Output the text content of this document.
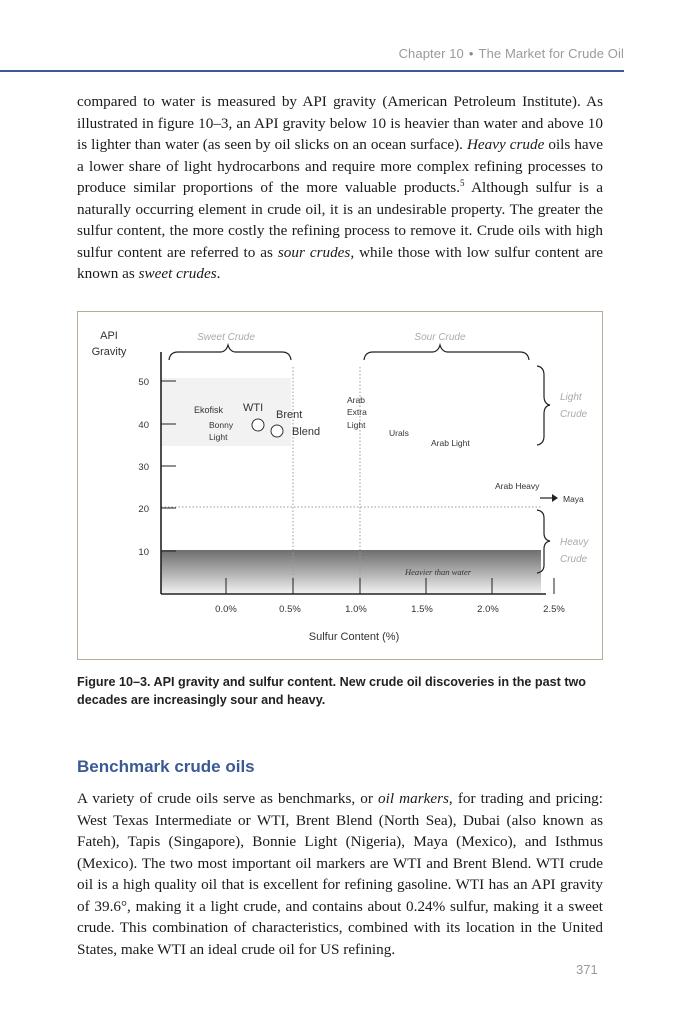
Chapter 10 • The Market for Crude Oil

compared to water is measured by API gravity (American Petroleum Institute). As illustrated in figure 10–3, an API gravity below 10 is heavier than water and above 10 is lighter than water (as seen by oil slicks on an ocean surface). Heavy crude oils have a lower share of light hydrocarbons and require more complex refining processes to produce similar proportions of the more valuable products.$^5$ Although sulfur is a naturally occurring element in crude oil, it is an undesirable property. The greater the sulfur content, the more costly the refining process to remove it. Crude oils with high sulfur content are referred to as sour crudes, while those with low sulfur content are known as sweet crudes.

Heavier than water
50
40
30
20
10
0.0%	0.5%	1.0%	1.5%	2.0%	2.5%
API
Gravity
Sulfur Content (%)
Sweet Crude	Sour Crude
Light
Crude
Heavy
Crude
Ekofisk
Bonny
Light
WTI
Brent
Blend
Arab
Extra
Light
Urals
Arab Light
Arab Heavy
Maya

Figure 10–3. API gravity and sulfur content. New crude oil discoveries in the past two decades are increasingly sour and heavy.

Benchmark crude oils

A variety of crude oils serve as benchmarks, or oil markers, for trading and pricing: West Texas Intermediate or WTI, Brent Blend (North Sea), Dubai (also known as Fateh), Tapis (Singapore), Bonnie Light (Nigeria), Maya (Mexico), and Isthmus (Mexico). The two most important oil markers are WTI and Brent Blend. WTI crude oil is a high quality oil that is excellent for refining gasoline. WTI has an API gravity of 39.6°, making it a light crude, and contains about 0.24% sulfur, making it a sweet crude. This combination of characteristics, combined with its location in the United States, make WTI an ideal crude oil for US refining.

371
